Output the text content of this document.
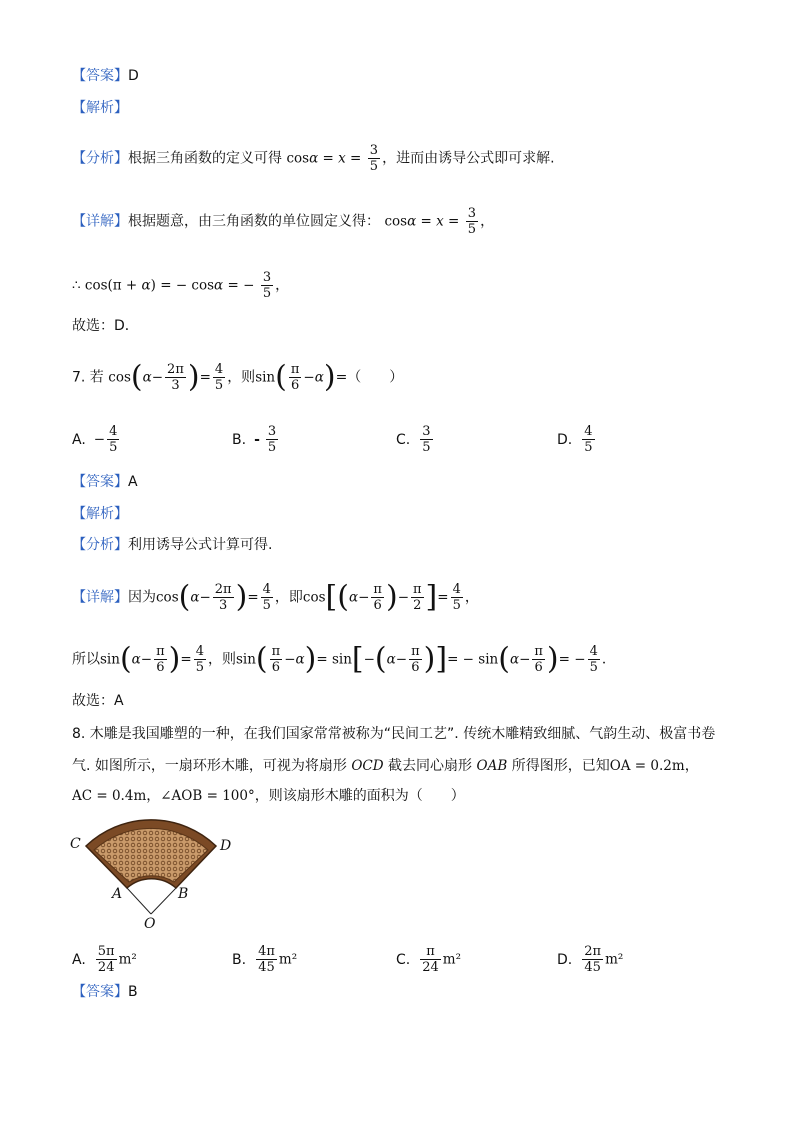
【答案】D
【解析】
【分析】根据三角函数的定义可得 $\cos\alpha = x = \frac{3}{5}$ ，进而由诱导公式即可求解.
【详解】根据题意，由三角函数的单位圆定义得： $\cos\alpha = x = \frac{3}{5}$ ，
∴ cos(π + α) = − cosα = − $\frac{3}{5}$ ，
故选：D．
7. 若 $\cos(\alpha- \frac{2\pi}{3}$ )= $\frac{4}{5}$ ，则$\sin( \frac{\pi}{6} -\alpha)=$（　　）
A. − $\frac{4}{5}$	B. - $\frac{3}{5}$	C. $\frac{3}{5}$	D. $\frac{4}{5}$
【答案】A
【解析】
【分析】利用诱导公式计算可得.
【详解】因为$\cos(\alpha- \frac{2\pi}{3}$ )= $\frac{4}{5}$ ，即$\cos[(\alpha- \frac{\pi}{6}$ )− $\frac{\pi}{2}$ ]= $\frac{4}{5}$ ，
所以$\sin(\alpha- \frac{\pi}{6}$ )= $\frac{4}{5}$ ，则$\sin( \frac{\pi}{6} -\alpha)= \sin[-(\alpha- \frac{\pi}{6}$ )]= − $\sin(\alpha- \frac{\pi}{6}$ )= − $\frac{4}{5}$ .
故选：A
8. 木雕是我国雕塑的一种，在我们国家常常被称为“民间工艺”. 传统木雕精致细腻、气韵生动、极富书卷
气. 如图所示，一扇环形木雕，可视为将扇形 OCD 截去同心扇形 OAB 所得图形，已知OA = 0.2m，
AC = 0.4m，∠AOB = 100°，则该扇形木雕的面积为（　　）
C	D
A	B
O
A. $\frac{5\pi}{24} m^2$	B. $\frac{4\pi}{45} m^2$	C. $\frac{\pi}{24} m^2$	D. $\frac{2\pi}{45} m^2$
【答案】B
